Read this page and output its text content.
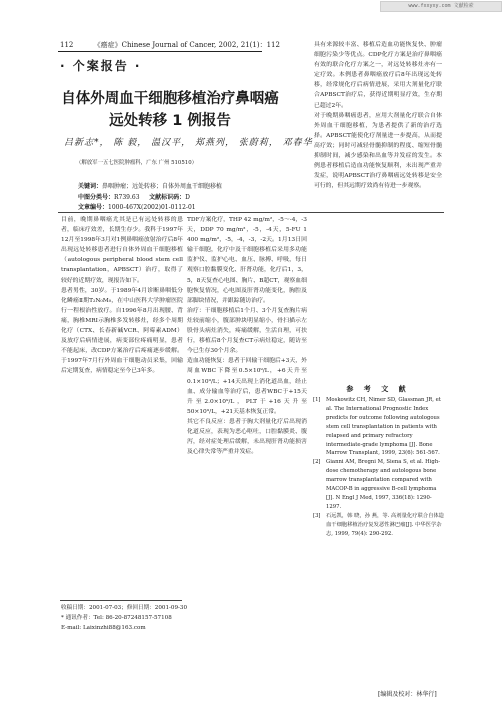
www.fxxyxy.com 文献检索
112	《癌症》Chinese Journal of Cancer, 2002, 21(1)：112
· 个案报告 ·
自体外周血干细胞移植治疗鼻咽癌
远处转移 1 例报告
吕新志*， 陈 毅， 温汉平， 郑燕列， 张蔚莉， 邓春华
（解放军一五七医院肿瘤科，广东 广州 510510）
关键词：鼻咽肿瘤；远处转移；自体外周血干细胞移植
中图分类号：R739.63 文献标识码：D
文章编号：1000-467X(2002)01-0112-01

目前，晚期鼻咽癌尤其是已有远处转移的患者，临床疗效差，长期生存少。我科于1997年12月至1998年3月对1例鼻咽癌放射治疗后8年出现远处转移患者进行自体外周血干细胞移植（autologous peripheral blood stem cell transplantation，APBSCT）治疗，取得了较好的近期疗效，现报告如下。

患者男性，30岁。于1989年4月诊断鼻咽低分化鳞癌Ⅱ期T₂N₀M₀，在中山医科大学肿瘤医院行一程根治性放疗。自1996年8月出现腰、背痛，胸椎MRI示胸椎多发转移灶，经多个周期化疗（CTX、长春新碱VCR、阿霉素ADM）及放疗后病情进展，病变部位疼痛明显，患者不能起床，改CDP方案治疗后疼痛逐步缓解。于1997年7月行外周血干细胞动员采集，回输后定期复查，病情稳定至今已3年多。

TDF方案化疗，THP 42 mg/m²，-5～-4，-3天，DDP 70 mg/m²，-5，-4天，5-FU 1 400 mg/m²，-5，-4，-3，-2天。1月13日回输干细胞，化疗中及干细胞移植后采用多功能监护仪、监护心电、血压、脉搏、呼吸，每日观察口腔黏膜变化、肝肾功能，化疗后1，3，5，8天复查心电图、胸片、B超CT，观察血细胞恢复情况，心电图及肝肾功能变化，胸腔及部脚块情况，并跟踪随访治疗。

治疗：干细胞移植后1个月、3个月复查胸片病灶较前缩小，腹部肿块明显缩小，骨扫描示左股骨头病灶消失，疼痛缓解，生活自理，可扶行，移植后8个月复查CT示病灶稳定，随访至今已生存30个月余。

造血功能恢复：患者于回输干细胞后+3天，外周血WBC下降至0.5×10⁹/L，+6天升至0.1×10⁹/L；+14天出现上消化道出血，经止血、成分输血等治疗后，患者WBC于+15天升至2.0×10⁹/L，PLT于+16天升至50×10⁹/L，+21天基本恢复正常。

其它不良反应：患者于胸大剂量化疗后出现消化道反应，表现为恶心呕吐，口腔黏膜炎、腹泻，经对症处理后缓解，未出现肝肾功能损害及心律失常等严重并发症。

具有来源较丰富、移植后造血功能恢复快、肿瘤细胞污染少等优点。CDP化疗方案是治疗鼻咽癌有效的联合化疗方案之一，对远处转移灶亦有一定疗效。本例患者鼻咽癌放疗后8年出现远处转移，经常规化疗后病情进展，采用大剂量化疗联合APBSCT治疗后，获得近期明显疗效，生存期已超过2年。

对于晚期鼻咽癌患者，应用大剂量化疗联合自体外周血干细胞移植，为患者提供了新的治疗选择。APBSCT能使化疗剂量进一步提高，从而提高疗效；同时可减轻骨髓抑制的程度、缩短骨髓抑制时间，减少感染和出血等并发症的发生。本例患者移植后造血功能恢复顺利，未出现严重并发症，说明APBSCT治疗鼻咽癌远处转移是安全可行的，但其远期疗效尚有待进一步观察。

参 考 文 献
[1]	Moskowitz CH, Nimer SD, Glassman JR, et al. The International Prognostic Index predicts for outcome following autologous stem cell transplantation in patients with relapsed and primary refractory intermediate-grade lymphoma [J]. Bone Marrow Transplant, 1999, 23(6): 561-567.
[2]	Gianni AM, Bregni M, Siena S, et al. High-dose chemotherapy and autologous bone marrow transplantation compared with MACOP-B in aggressive B-cell lymphoma [J]. N Engl J Med, 1997, 336(18): 1290-1297.
[3]	石远凯，韩 晓，孙 燕，等. 高剂量化疗联合自体造血干细胞移植治疗复发恶性淋巴瘤[J]. 中华医学杂志, 1999, 79(4): 290-292.
收稿日期：2001-07-03；修回日期：2001-09-30
* 通讯作者：Tel: 86-20-87248157-57108
E-mail: Laixinzhi88@163.com
[编辑及校对：林华行]
